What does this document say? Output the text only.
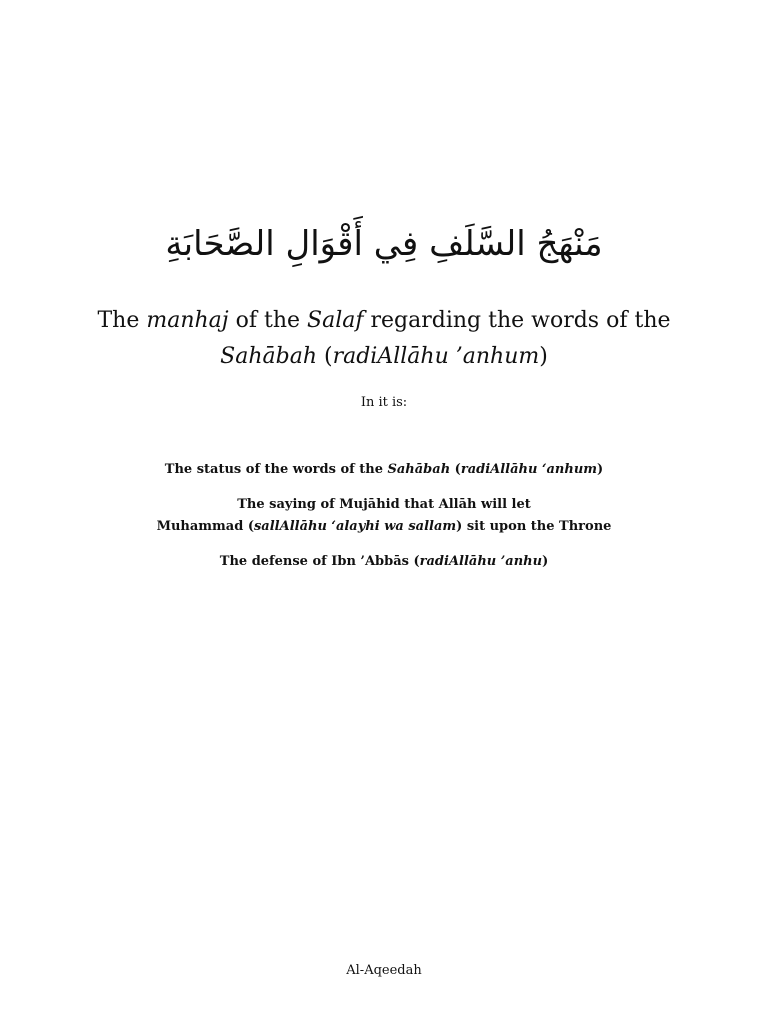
مَنْهَجُ السَّلَفِ فِي أَقْوَالِ الصَّحَابَةِ
The manhaj of the Salaf regarding the words of the
Sahābah (radiAllāhu ’anhum)
In it is:
The status of the words of the Sahābah (radiAllāhu ‘anhum)
The saying of Mujāhid that Allāh will let
Muhammad (sallAllāhu ‘alayhi wa sallam) sit upon the Throne
The defense of Ibn ’Abbās (radiAllāhu ’anhu)
Al-Aqeedah
